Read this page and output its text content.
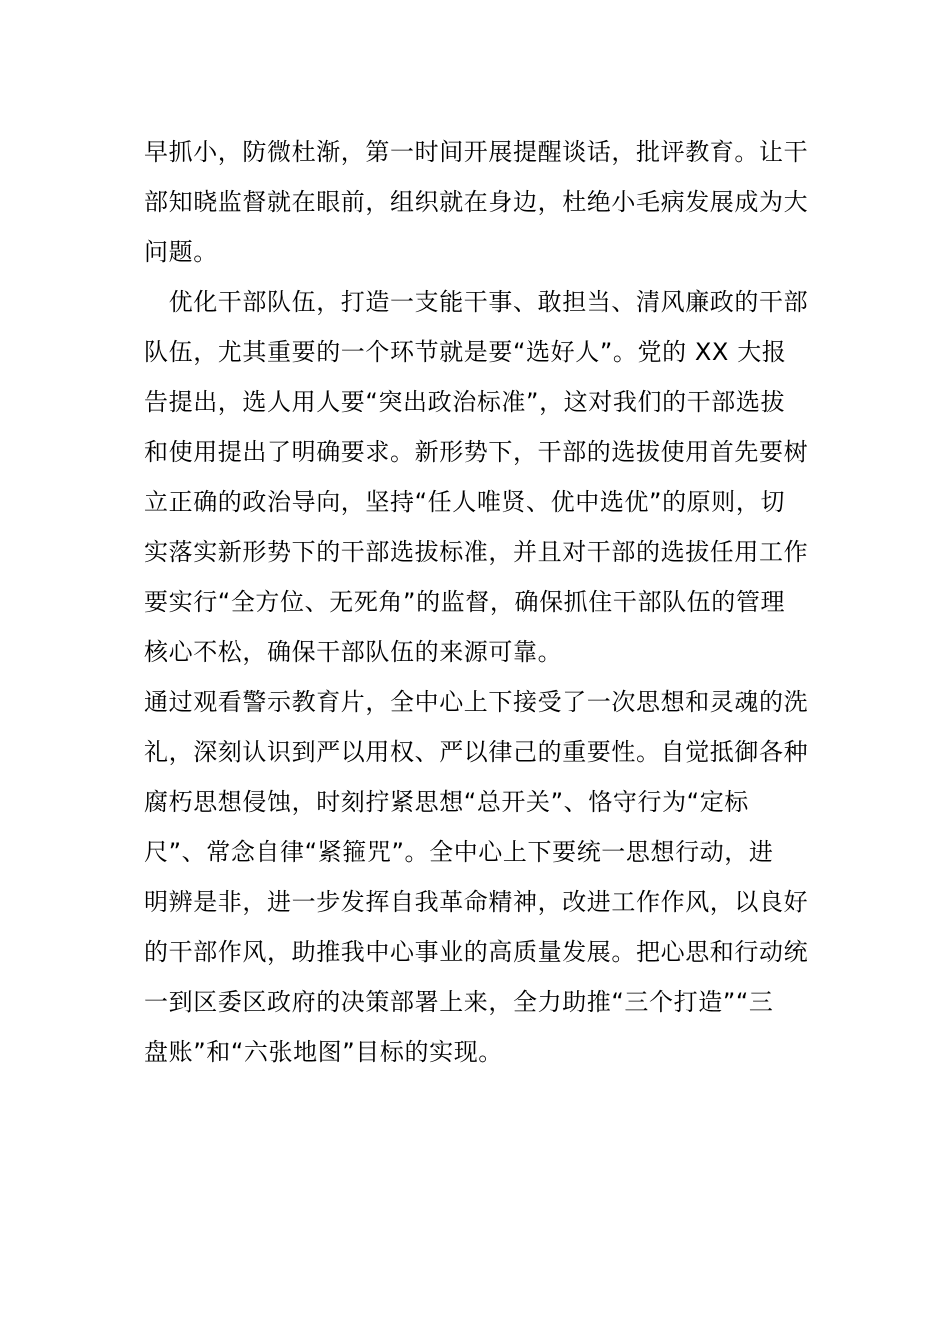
早抓小，防微杜渐，第一时间开展提醒谈话，批评教育。让干
部知晓监督就在眼前，组织就在身边，杜绝小毛病发展成为大
问题。
　优化干部队伍，打造一支能干事、敢担当、清风廉政的干部
队伍，尤其重要的一个环节就是要“选好人”。党的 XX 大报
告提出，选人用人要“突出政治标准”，这对我们的干部选拔
和使用提出了明确要求。新形势下，干部的选拔使用首先要树
立正确的政治导向，坚持“任人唯贤、优中选优”的原则，切
实落实新形势下的干部选拔标准，并且对干部的选拔任用工作
要实行“全方位、无死角”的监督，确保抓住干部队伍的管理
核心不松，确保干部队伍的来源可靠。
通过观看警示教育片，全中心上下接受了一次思想和灵魂的洗
礼，深刻认识到严以用权、严以律己的重要性。自觉抵御各种
腐朽思想侵蚀，时刻拧紧思想“总开关”、恪守行为“定标
尺”、常念自律“紧箍咒”。全中心上下要统一思想行动，进
明辨是非，进一步发挥自我革命精神，改进工作作风，以良好
的干部作风，助推我中心事业的高质量发展。把心思和行动统
一到区委区政府的决策部署上来，全力助推“三个打造”“三
盘账”和“六张地图”目标的实现。
